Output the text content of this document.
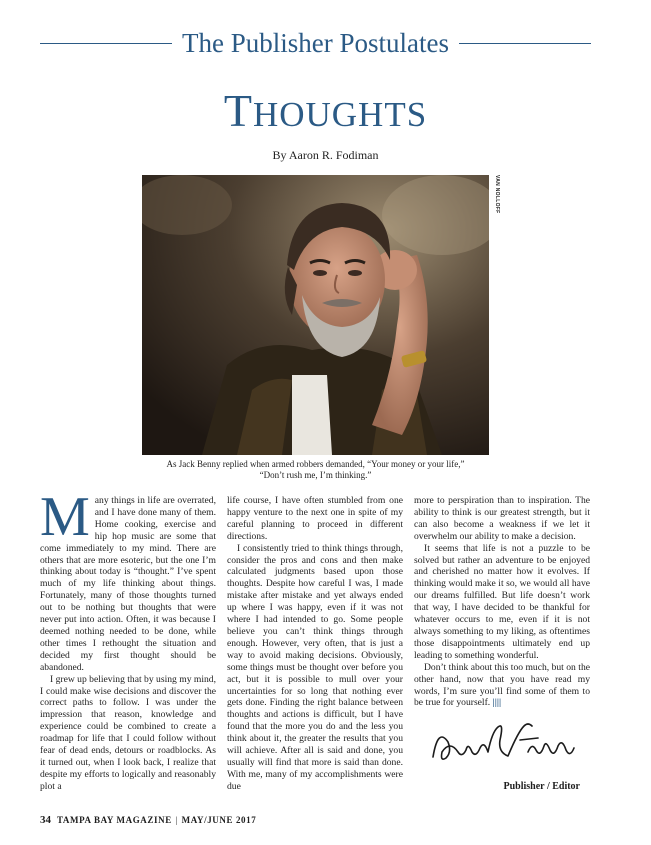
The Publisher Postulates
THOUGHTS
By Aaron R. Fodiman
VAN NOLLOFF
As Jack Benny replied when armed robbers demanded, “Your money or your life,”
“Don’t rush me, I’m thinking.”

Many things in life are overrated, and I have done many of them. Home cooking, exercise and hip hop music are some that come immediately to my mind. There are others that are more esoteric, but the one I’m thinking about today is “thought.” I’ve spent much of my life thinking about things. Fortunately, many of those thoughts turned out to be nothing but thoughts that were never put into action. Often, it was because I deemed nothing needed to be done, while other times I rethought the situation and decided my first thought should be abandoned.

I grew up believing that by using my mind, I could make wise decisions and discover the correct paths to follow. I was under the impression that reason, knowledge and experience could be combined to create a roadmap for life that I could follow without fear of dead ends, detours or roadblocks. As it turned out, when I look back, I realize that despite my efforts to logically and reasonably plot a

life course, I have often stumbled from one happy venture to the next one in spite of my careful planning to proceed in different directions.

I consistently tried to think things through, consider the pros and cons and then make calculated judgments based upon those thoughts. Despite how careful I was, I made mistake after mistake and yet always ended up where I was happy, even if it was not where I had intended to go. Some people believe you can’t think things through enough. However, very often, that is just a way to avoid making decisions. Obviously, some things must be thought over before you act, but it is possible to mull over your uncertainties for so long that nothing ever gets done. Finding the right balance between thoughts and actions is difficult, but I have found that the more you do and the less you think about it, the greater the results that you will achieve. After all is said and done, you usually will find that more is said than done. With me, many of my accomplishments were due

more to perspiration than to inspiration. The ability to think is our greatest strength, but it can also become a weakness if we let it overwhelm our ability to make a decision.

It seems that life is not a puzzle to be solved but rather an adventure to be enjoyed and cherished no matter how it evolves. If thinking would make it so, we would all have our dreams fulfilled. But life doesn’t work that way, I have decided to be thankful for whatever occurs to me, even if it is not always something to my liking, as oftentimes those disappointments ultimately end up leading to something wonderful.

Don’t think about this too much, but on the other hand, now that you have read my words, I’m sure you’ll find some of them to be true for yourself. ||||

Publisher / Editor
34 TAMPA BAY MAGAZINE | MAY/JUNE 2017
